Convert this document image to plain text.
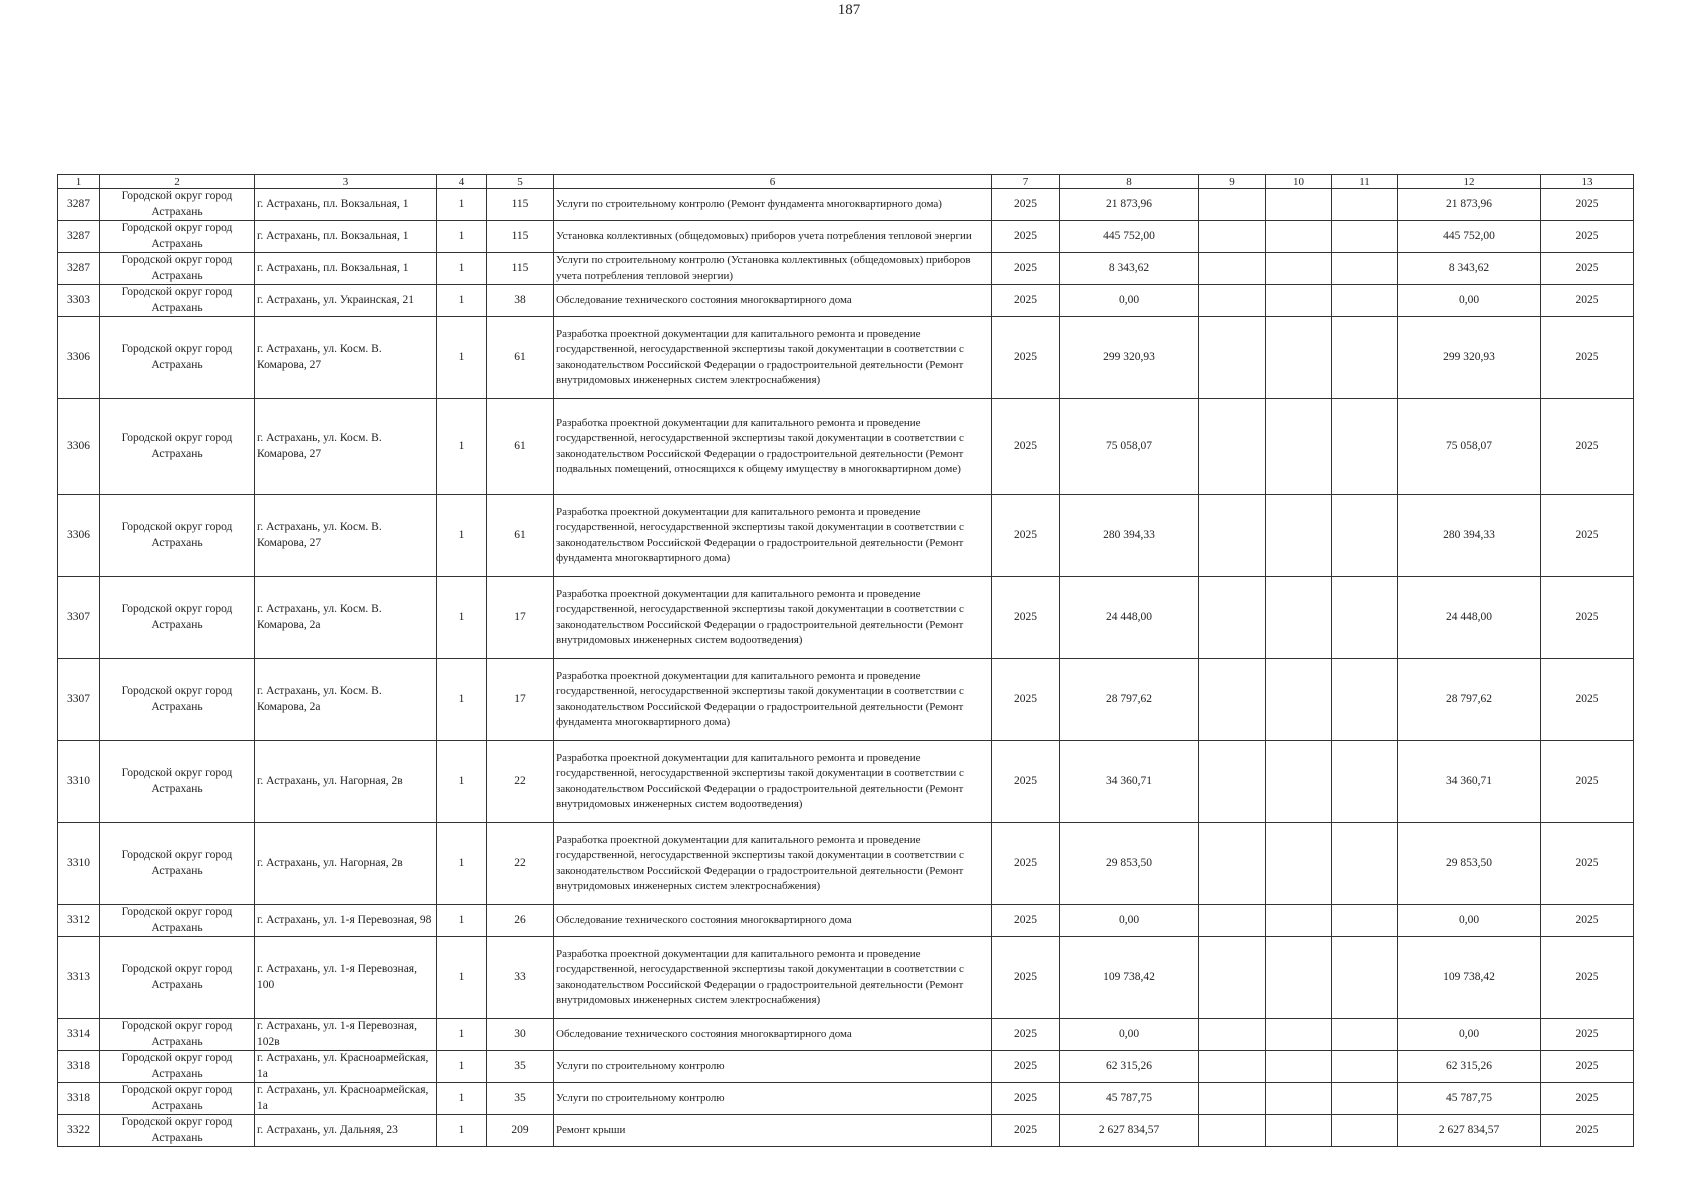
187
1	2	3	4	5	6	7	8	9	10	11	12	13
3287	Городской округ город Астрахань	г. Астрахань, пл. Вокзальная, 1	1	115	Услуги по строительному контролю (Ремонт фундамента многоквартирного дома)	2025	21 873,96				21 873,96	2025
3287	Городской округ город Астрахань	г. Астрахань, пл. Вокзальная, 1	1	115	Установка коллективных (общедомовых) приборов учета потребления тепловой энергии	2025	445 752,00				445 752,00	2025
3287	Городской округ город Астрахань	г. Астрахань, пл. Вокзальная, 1	1	115	Услуги по строительному контролю (Установка коллективных (общедомовых) приборов учета потребления тепловой энергии)	2025	8 343,62				8 343,62	2025
3303	Городской округ город Астрахань	г. Астрахань, ул. Украинская, 21	1	38	Обследование технического состояния многоквартирного дома	2025	0,00				0,00	2025
3306	Городской округ город Астрахань	г. Астрахань, ул. Косм. В. Комарова, 27	1	61	Разработка проектной документации для капитального ремонта и проведение государственной, негосударственной экспертизы такой документации в соответствии с законодательством Российской Федерации о градостроительной деятельности (Ремонт внутридомовых инженерных систем электроснабжения)	2025	299 320,93				299 320,93	2025
3306	Городской округ город Астрахань	г. Астрахань, ул. Косм. В. Комарова, 27	1	61	Разработка проектной документации для капитального ремонта и проведение государственной, негосударственной экспертизы такой документации в соответствии с законодательством Российской Федерации о градостроительной деятельности (Ремонт подвальных помещений, относящихся к общему имуществу в многоквартирном доме)	2025	75 058,07				75 058,07	2025
3306	Городской округ город Астрахань	г. Астрахань, ул. Косм. В. Комарова, 27	1	61	Разработка проектной документации для капитального ремонта и проведение государственной, негосударственной экспертизы такой документации в соответствии с законодательством Российской Федерации о градостроительной деятельности (Ремонт фундамента многоквартирного дома)	2025	280 394,33				280 394,33	2025
3307	Городской округ город Астрахань	г. Астрахань, ул. Косм. В. Комарова, 2а	1	17	Разработка проектной документации для капитального ремонта и проведение государственной, негосударственной экспертизы такой документации в соответствии с законодательством Российской Федерации о градостроительной деятельности (Ремонт внутридомовых инженерных систем водоотведения)	2025	24 448,00				24 448,00	2025
3307	Городской округ город Астрахань	г. Астрахань, ул. Косм. В. Комарова, 2а	1	17	Разработка проектной документации для капитального ремонта и проведение государственной, негосударственной экспертизы такой документации в соответствии с законодательством Российской Федерации о градостроительной деятельности (Ремонт фундамента многоквартирного дома)	2025	28 797,62				28 797,62	2025
3310	Городской округ город Астрахань	г. Астрахань, ул. Нагорная, 2в	1	22	Разработка проектной документации для капитального ремонта и проведение государственной, негосударственной экспертизы такой документации в соответствии с законодательством Российской Федерации о градостроительной деятельности (Ремонт внутридомовых инженерных систем водоотведения)	2025	34 360,71				34 360,71	2025
3310	Городской округ город Астрахань	г. Астрахань, ул. Нагорная, 2в	1	22	Разработка проектной документации для капитального ремонта и проведение государственной, негосударственной экспертизы такой документации в соответствии с законодательством Российской Федерации о градостроительной деятельности (Ремонт внутридомовых инженерных систем электроснабжения)	2025	29 853,50				29 853,50	2025
3312	Городской округ город Астрахань	г. Астрахань, ул. 1-я Перевозная, 98	1	26	Обследование технического состояния многоквартирного дома	2025	0,00				0,00	2025
3313	Городской округ город Астрахань	г. Астрахань, ул. 1-я Перевозная, 100	1	33	Разработка проектной документации для капитального ремонта и проведение государственной, негосударственной экспертизы такой документации в соответствии с законодательством Российской Федерации о градостроительной деятельности (Ремонт внутридомовых инженерных систем электроснабжения)	2025	109 738,42				109 738,42	2025
3314	Городской округ город Астрахань	г. Астрахань, ул. 1-я Перевозная, 102в	1	30	Обследование технического состояния многоквартирного дома	2025	0,00				0,00	2025
3318	Городской округ город Астрахань	г. Астрахань, ул. Красноармейская, 1а	1	35	Услуги по строительному контролю	2025	62 315,26				62 315,26	2025
3318	Городской округ город Астрахань	г. Астрахань, ул. Красноармейская, 1а	1	35	Услуги по строительному контролю	2025	45 787,75				45 787,75	2025
3322	Городской округ город Астрахань	г. Астрахань, ул. Дальняя, 23	1	209	Ремонт крыши	2025	2 627 834,57				2 627 834,57	2025
